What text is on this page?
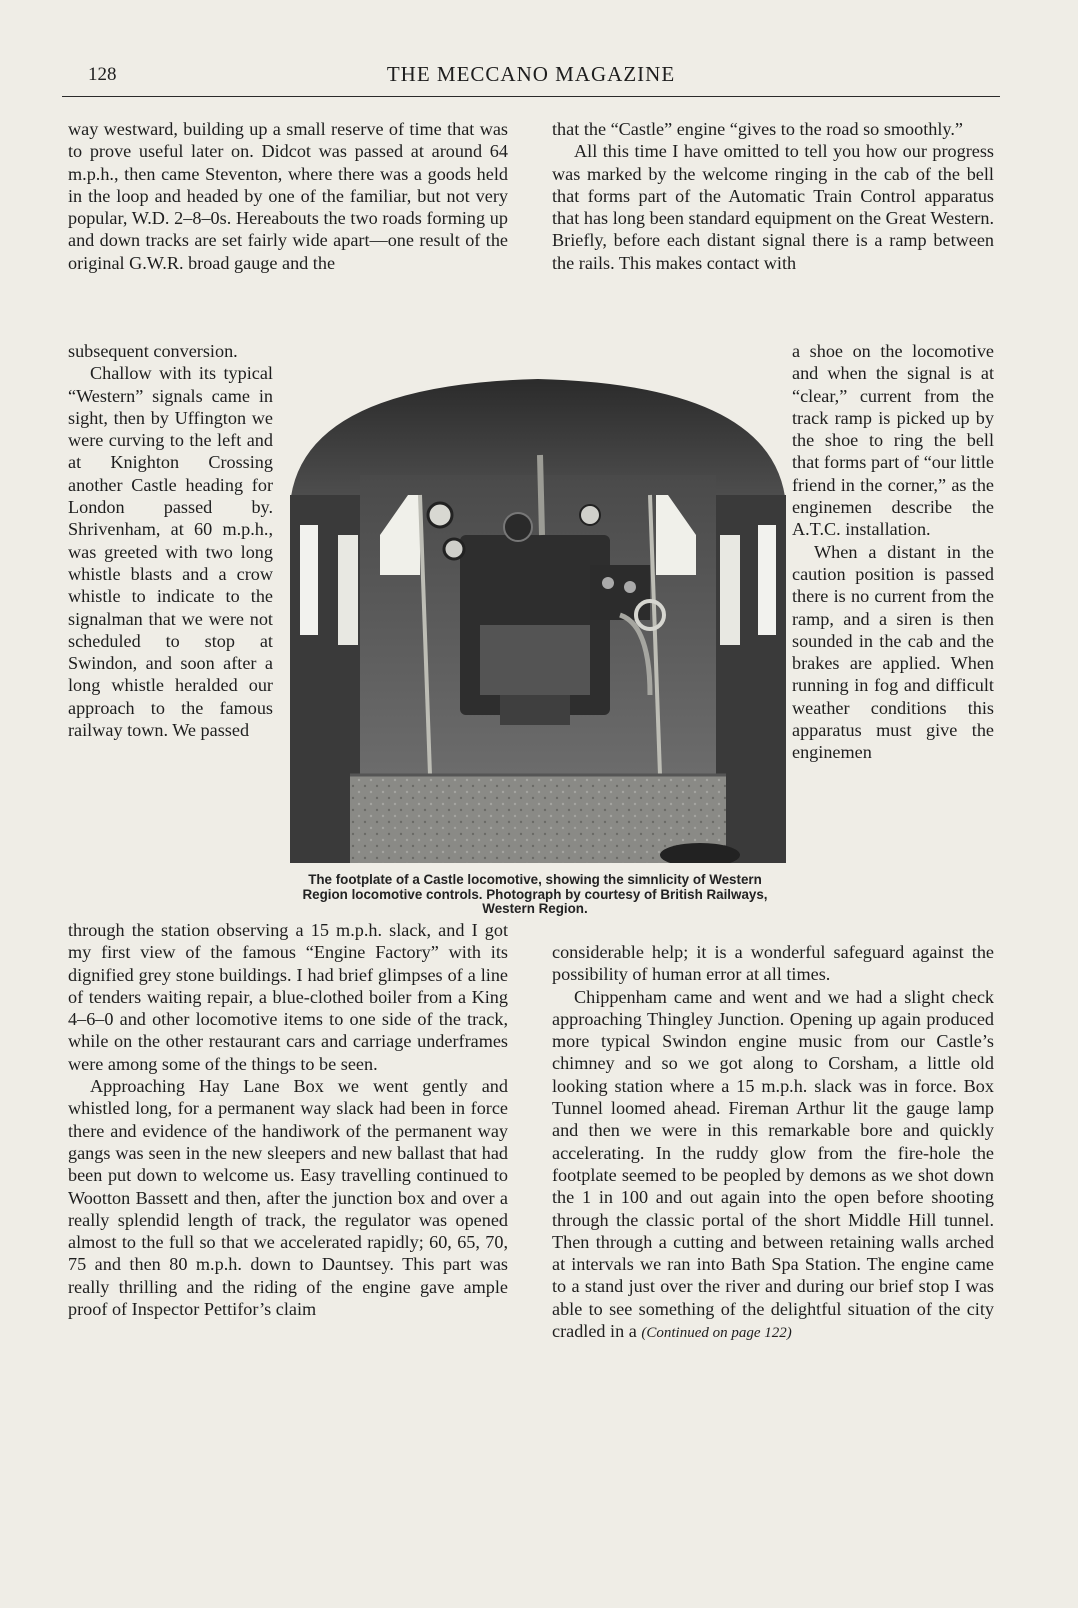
128	THE MECCANO MAGAZINE

way westward, building up a small reserve of time that was to prove useful later on. Didcot was passed at around 64 m.p.h., then came Steventon, where there was a goods held in the loop and headed by one of the familiar, but not very popular, W.D. 2–8–0s. Hereabouts the two roads forming up and down tracks are set fairly wide apart—one result of the original G.W.R. broad gauge and the

subsequent conversion.

Challow with its typical “Western” signals came in sight, then by Uffington we were curving to the left and at Knighton Crossing another Castle heading for London passed by. Shrivenham, at 60 m.p.h., was greeted with two long whistle blasts and a crow whistle to indicate to the signalman that we were not scheduled to stop at Swindon, and soon after a long whistle heralded our approach to the famous railway town. We passed

through the station observing a 15 m.p.h. slack, and I got my first view of the famous “Engine Factory” with its dignified grey stone buildings. I had brief glimpses of a line of tenders waiting repair, a blue-clothed boiler from a King 4–6–0 and other locomotive items to one side of the track, while on the other restaurant cars and carriage underframes were among some of the things to be seen.

Approaching Hay Lane Box we went gently and whistled long, for a permanent way slack had been in force there and evidence of the handiwork of the permanent way gangs was seen in the new sleepers and new ballast that had been put down to welcome us. Easy travelling continued to Wootton Bassett and then, after the junction box and over a really splendid length of track, the regulator was opened almost to the full so that we accelerated rapidly; 60, 65, 70, 75 and then 80 m.p.h. down to Dauntsey. This part was really thrilling and the riding of the engine gave ample proof of Inspector Pettifor’s claim

that the “Castle” engine “gives to the road so smoothly.”

All this time I have omitted to tell you how our progress was marked by the welcome ringing in the cab of the bell that forms part of the Automatic Train Control apparatus that has long been standard equipment on the Great Western. Briefly, before each distant signal there is a ramp between the rails. This makes contact with

a shoe on the locomotive and when the signal is at “clear,” current from the track ramp is picked up by the shoe to ring the bell that forms part of “our little friend in the corner,” as the enginemen describe the A.T.C. installation.

When a distant in the caution position is passed there is no current from the ramp, and a siren is then sounded in the cab and the brakes are applied. When running in fog and difficult weather conditions this apparatus must give the enginemen

considerable help; it is a wonderful safeguard against the possibility of human error at all times.

Chippenham came and went and we had a slight check approaching Thingley Junction. Opening up again produced more typical Swindon engine music from our Castle’s chimney and so we got along to Corsham, a little old looking station where a 15 m.p.h. slack was in force. Box Tunnel loomed ahead. Fireman Arthur lit the gauge lamp and then we were in this remarkable bore and quickly accelerating. In the ruddy glow from the fire-hole the footplate seemed to be peopled by demons as we shot down the 1 in 100 and out again into the open before shooting through the classic portal of the short Middle Hill tunnel. Then through a cutting and between retaining walls arched at intervals we ran into Bath Spa Station. The engine came to a stand just over the river and during our brief stop I was able to see something of the delightful situation of the city cradled in a (Continued on page 122)

The footplate of a Castle locomotive, showing the simnlicity of Western Region locomotive controls. Photograph by courtesy of British Railways, Western Region.
